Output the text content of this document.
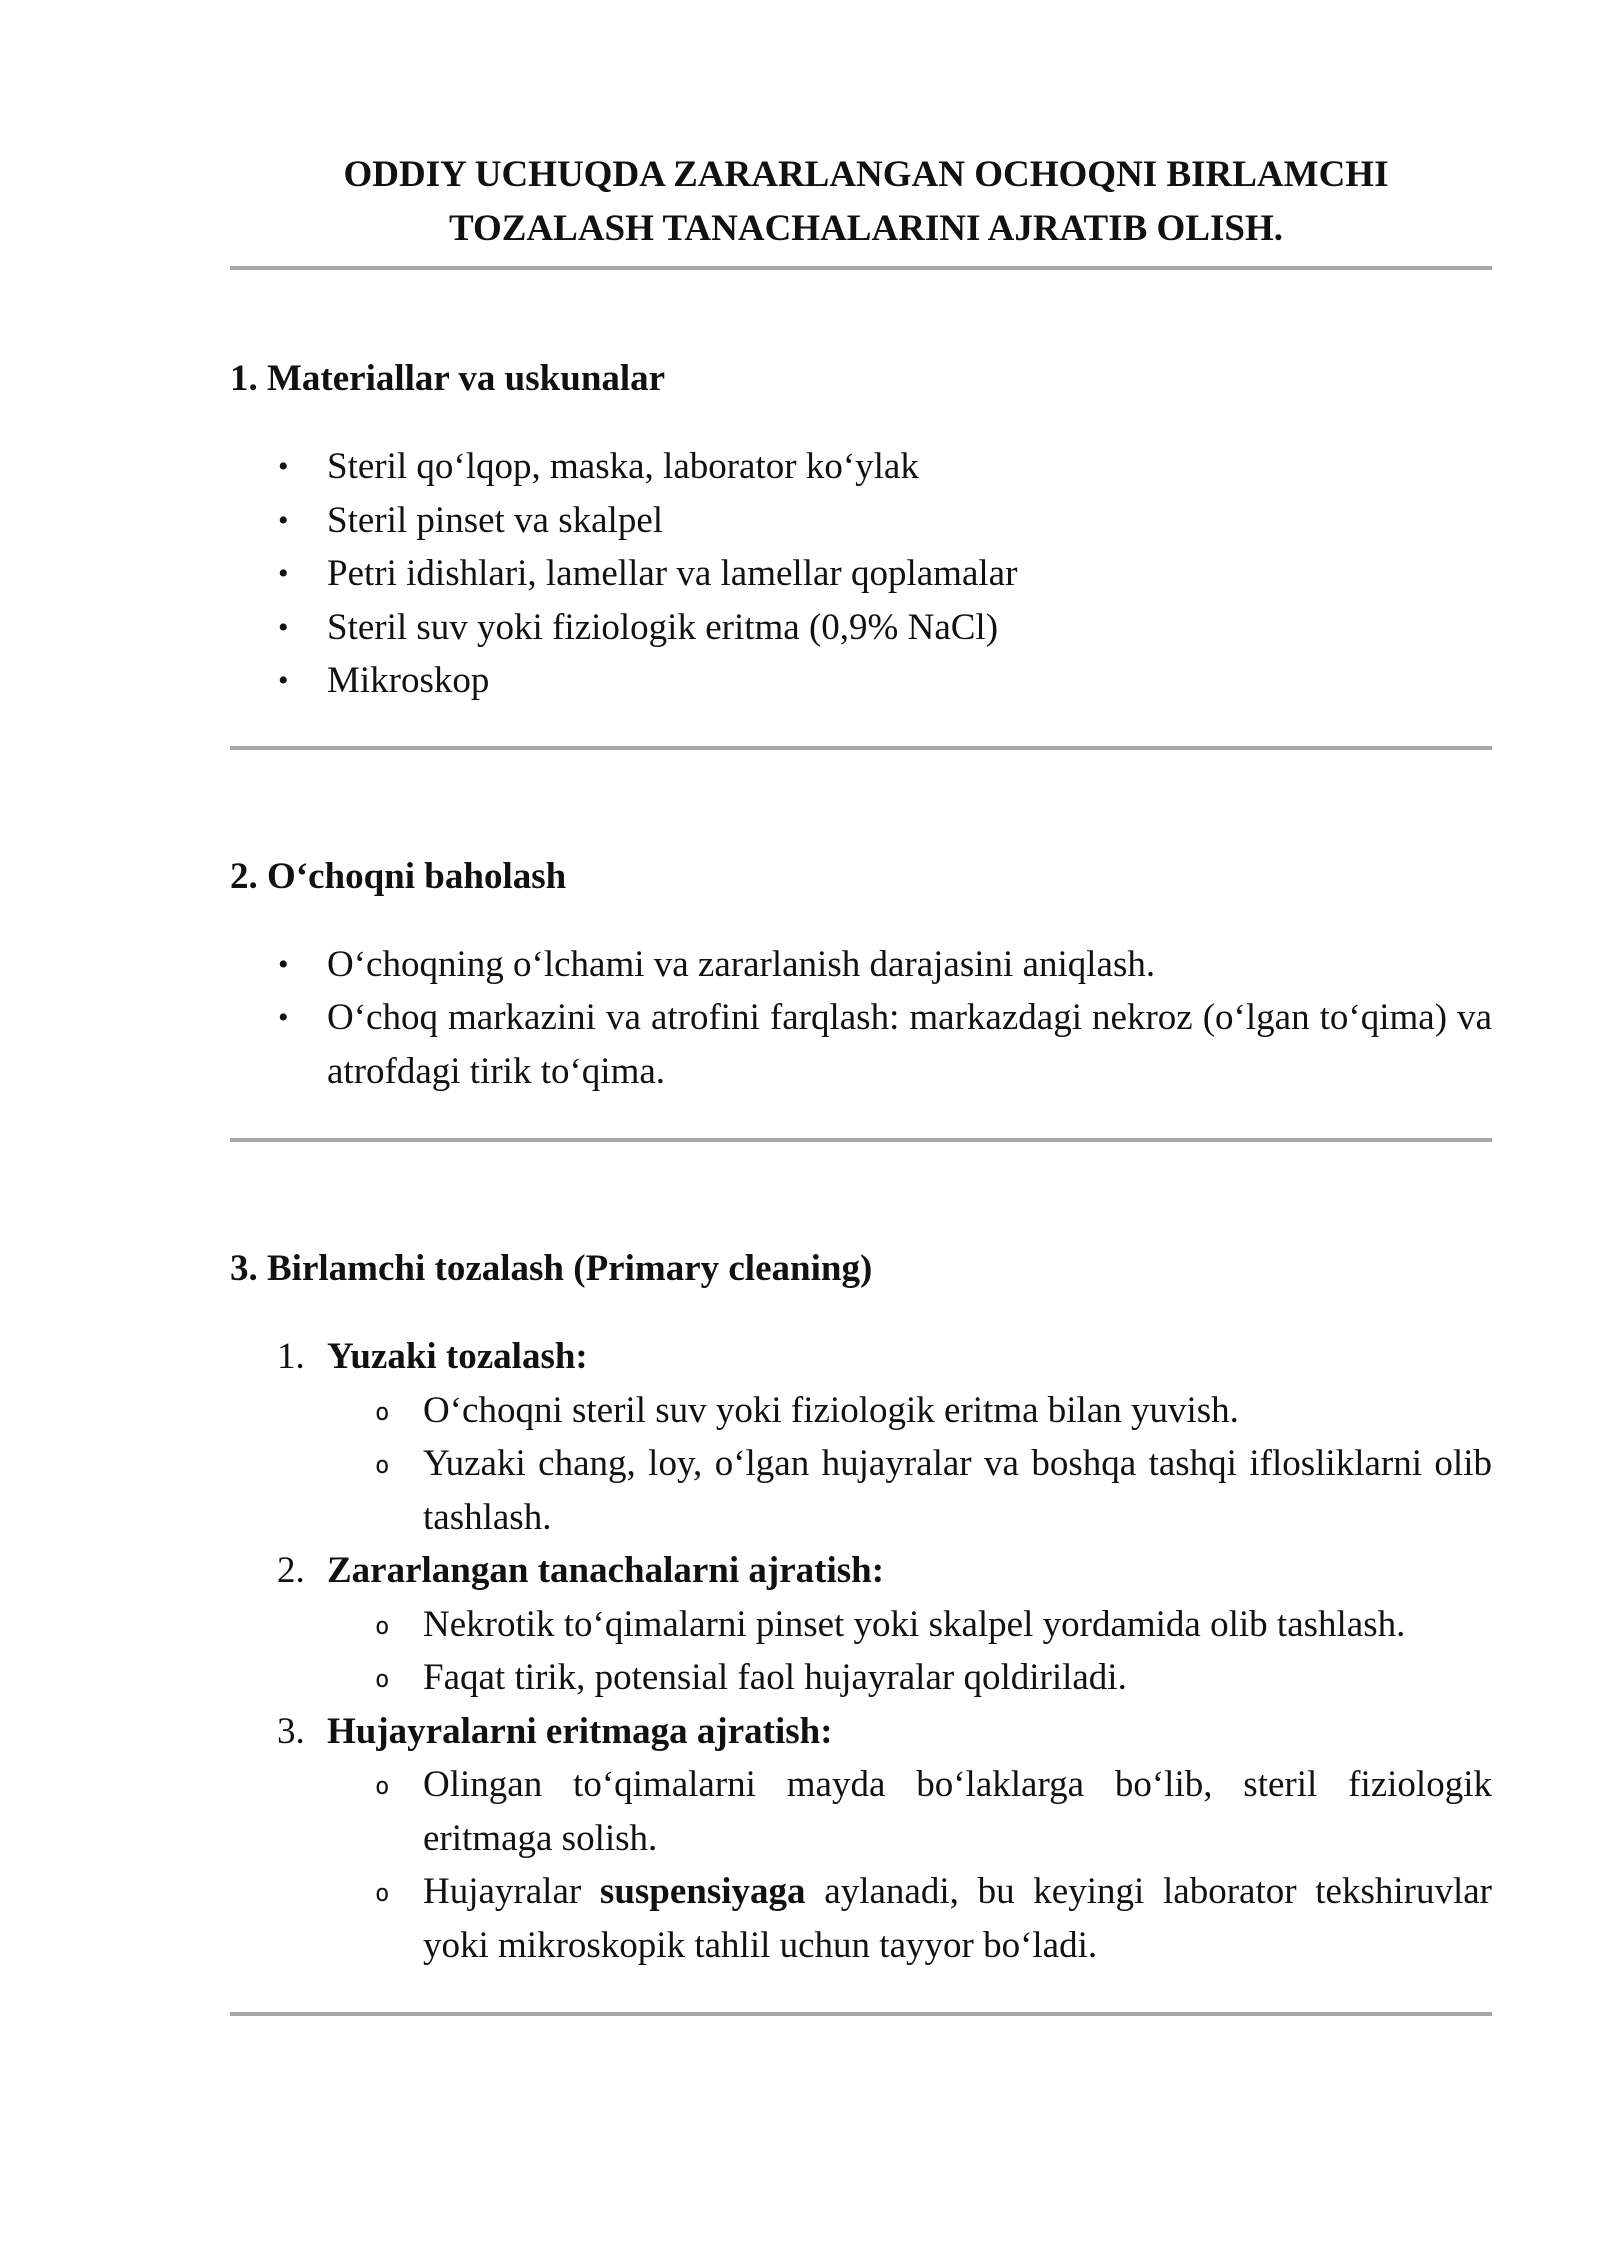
ODDIY UCHUQDA ZARARLANGAN OCHOQNI BIRLAMCHI
TOZALASH TANACHALARINI AJRATIB OLISH.
1. Materiallar va uskunalar
• Steril qo‘lqop, maska, laborator ko‘ylak
• Steril pinset va skalpel
• Petri idishlari, lamellar va lamellar qoplamalar
• Steril suv yoki fiziologik eritma (0,9% NaCl)
• Mikroskop
2. O‘choqni baholash
• O‘choqning o‘lchami va zararlanish darajasini aniqlash.
• O‘choq markazini va atrofini farqlash: markazdagi nekroz (o‘lgan to‘qima) va atrofdagi tirik to‘qima.
3. Birlamchi tozalash (Primary cleaning)
1. Yuzaki tozalash:
o O‘choqni steril suv yoki fiziologik eritma bilan yuvish.
o Yuzaki chang, loy, o‘lgan hujayralar va boshqa tashqi iflosliklarni olib tashlash.
2. Zararlangan tanachalarni ajratish:
o Nekrotik to‘qimalarni pinset yoki skalpel yordamida olib tashlash.
o Faqat tirik, potensial faol hujayralar qoldiriladi.
3. Hujayralarni eritmaga ajratish:
o Olingan to‘qimalarni mayda bo‘laklarga bo‘lib, steril fiziologik eritmaga solish.
o Hujayralar suspensiyaga aylanadi, bu keyingi laborator tekshiruvlar yoki mikroskopik tahlil uchun tayyor bo‘ladi.
